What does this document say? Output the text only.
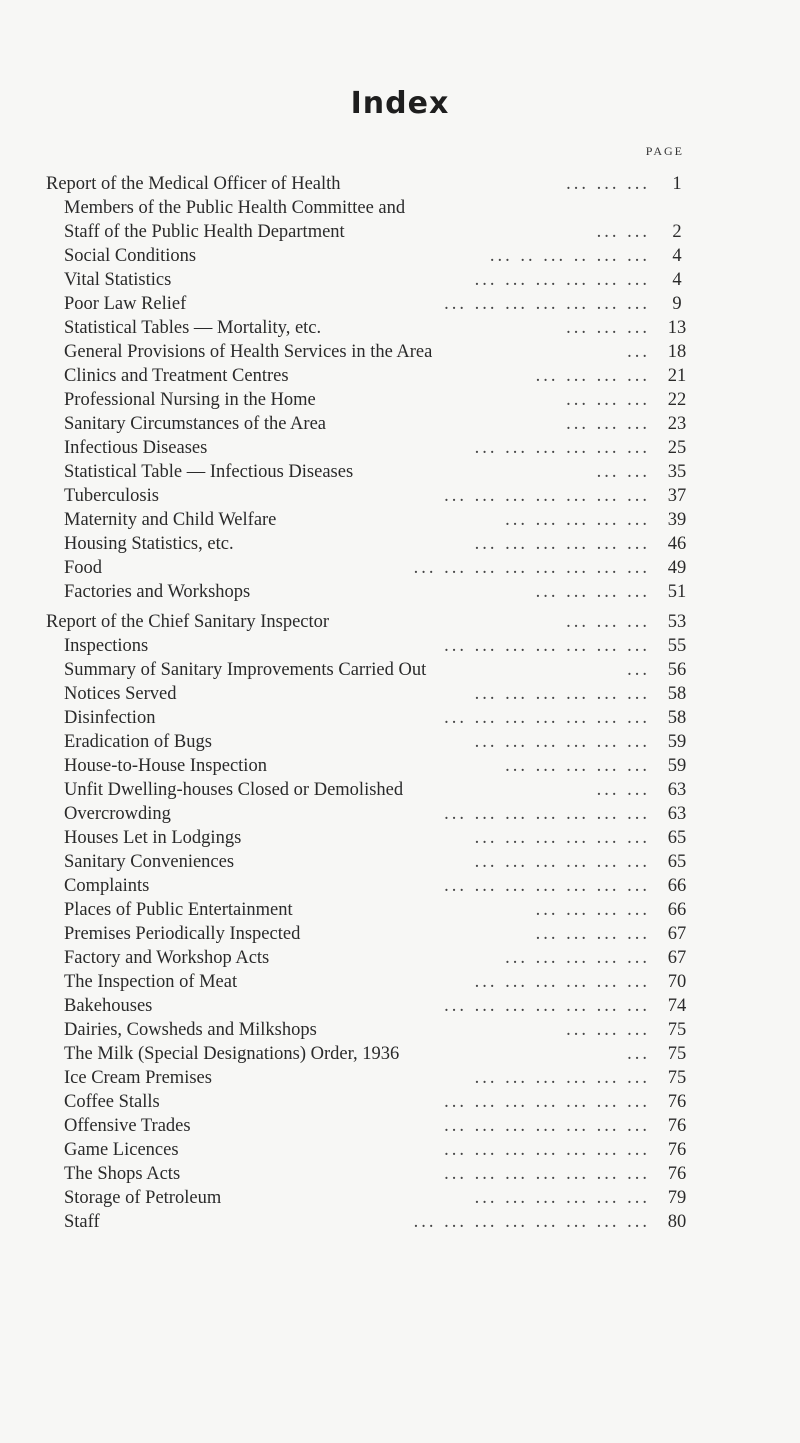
Index
PAGE
Report of the Medical Officer of Health	... ... ...	1
Members of the Public Health Committee and
Staff of the Public Health Department	... ...	2
Social Conditions	... .. ... .. ... ...	4
Vital Statistics	... ... ... ... ... ...	4
Poor Law Relief	... ... ... ... ... ... ...	9
Statistical Tables — Mortality, etc.	... ... ... 13
General Provisions of Health Services in the Area	... 18
Clinics and Treatment Centres	... ... ... ... 21
Professional Nursing in the Home	... ... ... 22
Sanitary Circumstances of the Area	... ... ... 23
Infectious Diseases	... ... ... ... ... ... 25
Statistical Table — Infectious Diseases	... ... 35
Tuberculosis	... ... ... ... ... ... ... 37
Maternity and Child Welfare	... ... ... ... ... 39
Housing Statistics, etc.	... ... ... ... ... ... 46
Food	... ... ... ... ... ... ... ... 49
Factories and Workshops	... ... ... ... 51
Report of the Chief Sanitary Inspector	... ... ... 53
Inspections	... ... ... ... ... ... ... 55
Summary of Sanitary Improvements Carried Out	... 56
Notices Served	... ... ... ... ... ... 58
Disinfection	... ... ... ... ... ... ... 58
Eradication of Bugs	... ... ... ... ... ... 59
House-to-House Inspection	... ... ... ... ... 59
Unfit Dwelling-houses Closed or Demolished	... ... 63
Overcrowding	... ... ... ... ... ... ... 63
Houses Let in Lodgings	... ... ... ... ... ... 65
Sanitary Conveniences	... ... ... ... ... ... 65
Complaints	... ... ... ... ... ... ... 66
Places of Public Entertainment	... ... ... ... 66
Premises Periodically Inspected	... ... ... ... 67
Factory and Workshop Acts	... ... ... ... ... 67
The Inspection of Meat	... ... ... ... ... ... 70
Bakehouses	... ... ... ... ... ... ... 74
Dairies, Cowsheds and Milkshops	... ... ... 75
The Milk (Special Designations) Order, 1936	... 75
Ice Cream Premises	... ... ... ... ... ... 75
Coffee Stalls	... ... ... ... ... ... ... 76
Offensive Trades	... ... ... ... ... ... ... 76
Game Licences	... ... ... ... ... ... ... 76
The Shops Acts	... ... ... ... ... ... ... 76
Storage of Petroleum	... ... ... ... ... ... 79
Staff	... ... ... ... ... ... ... ... 80
